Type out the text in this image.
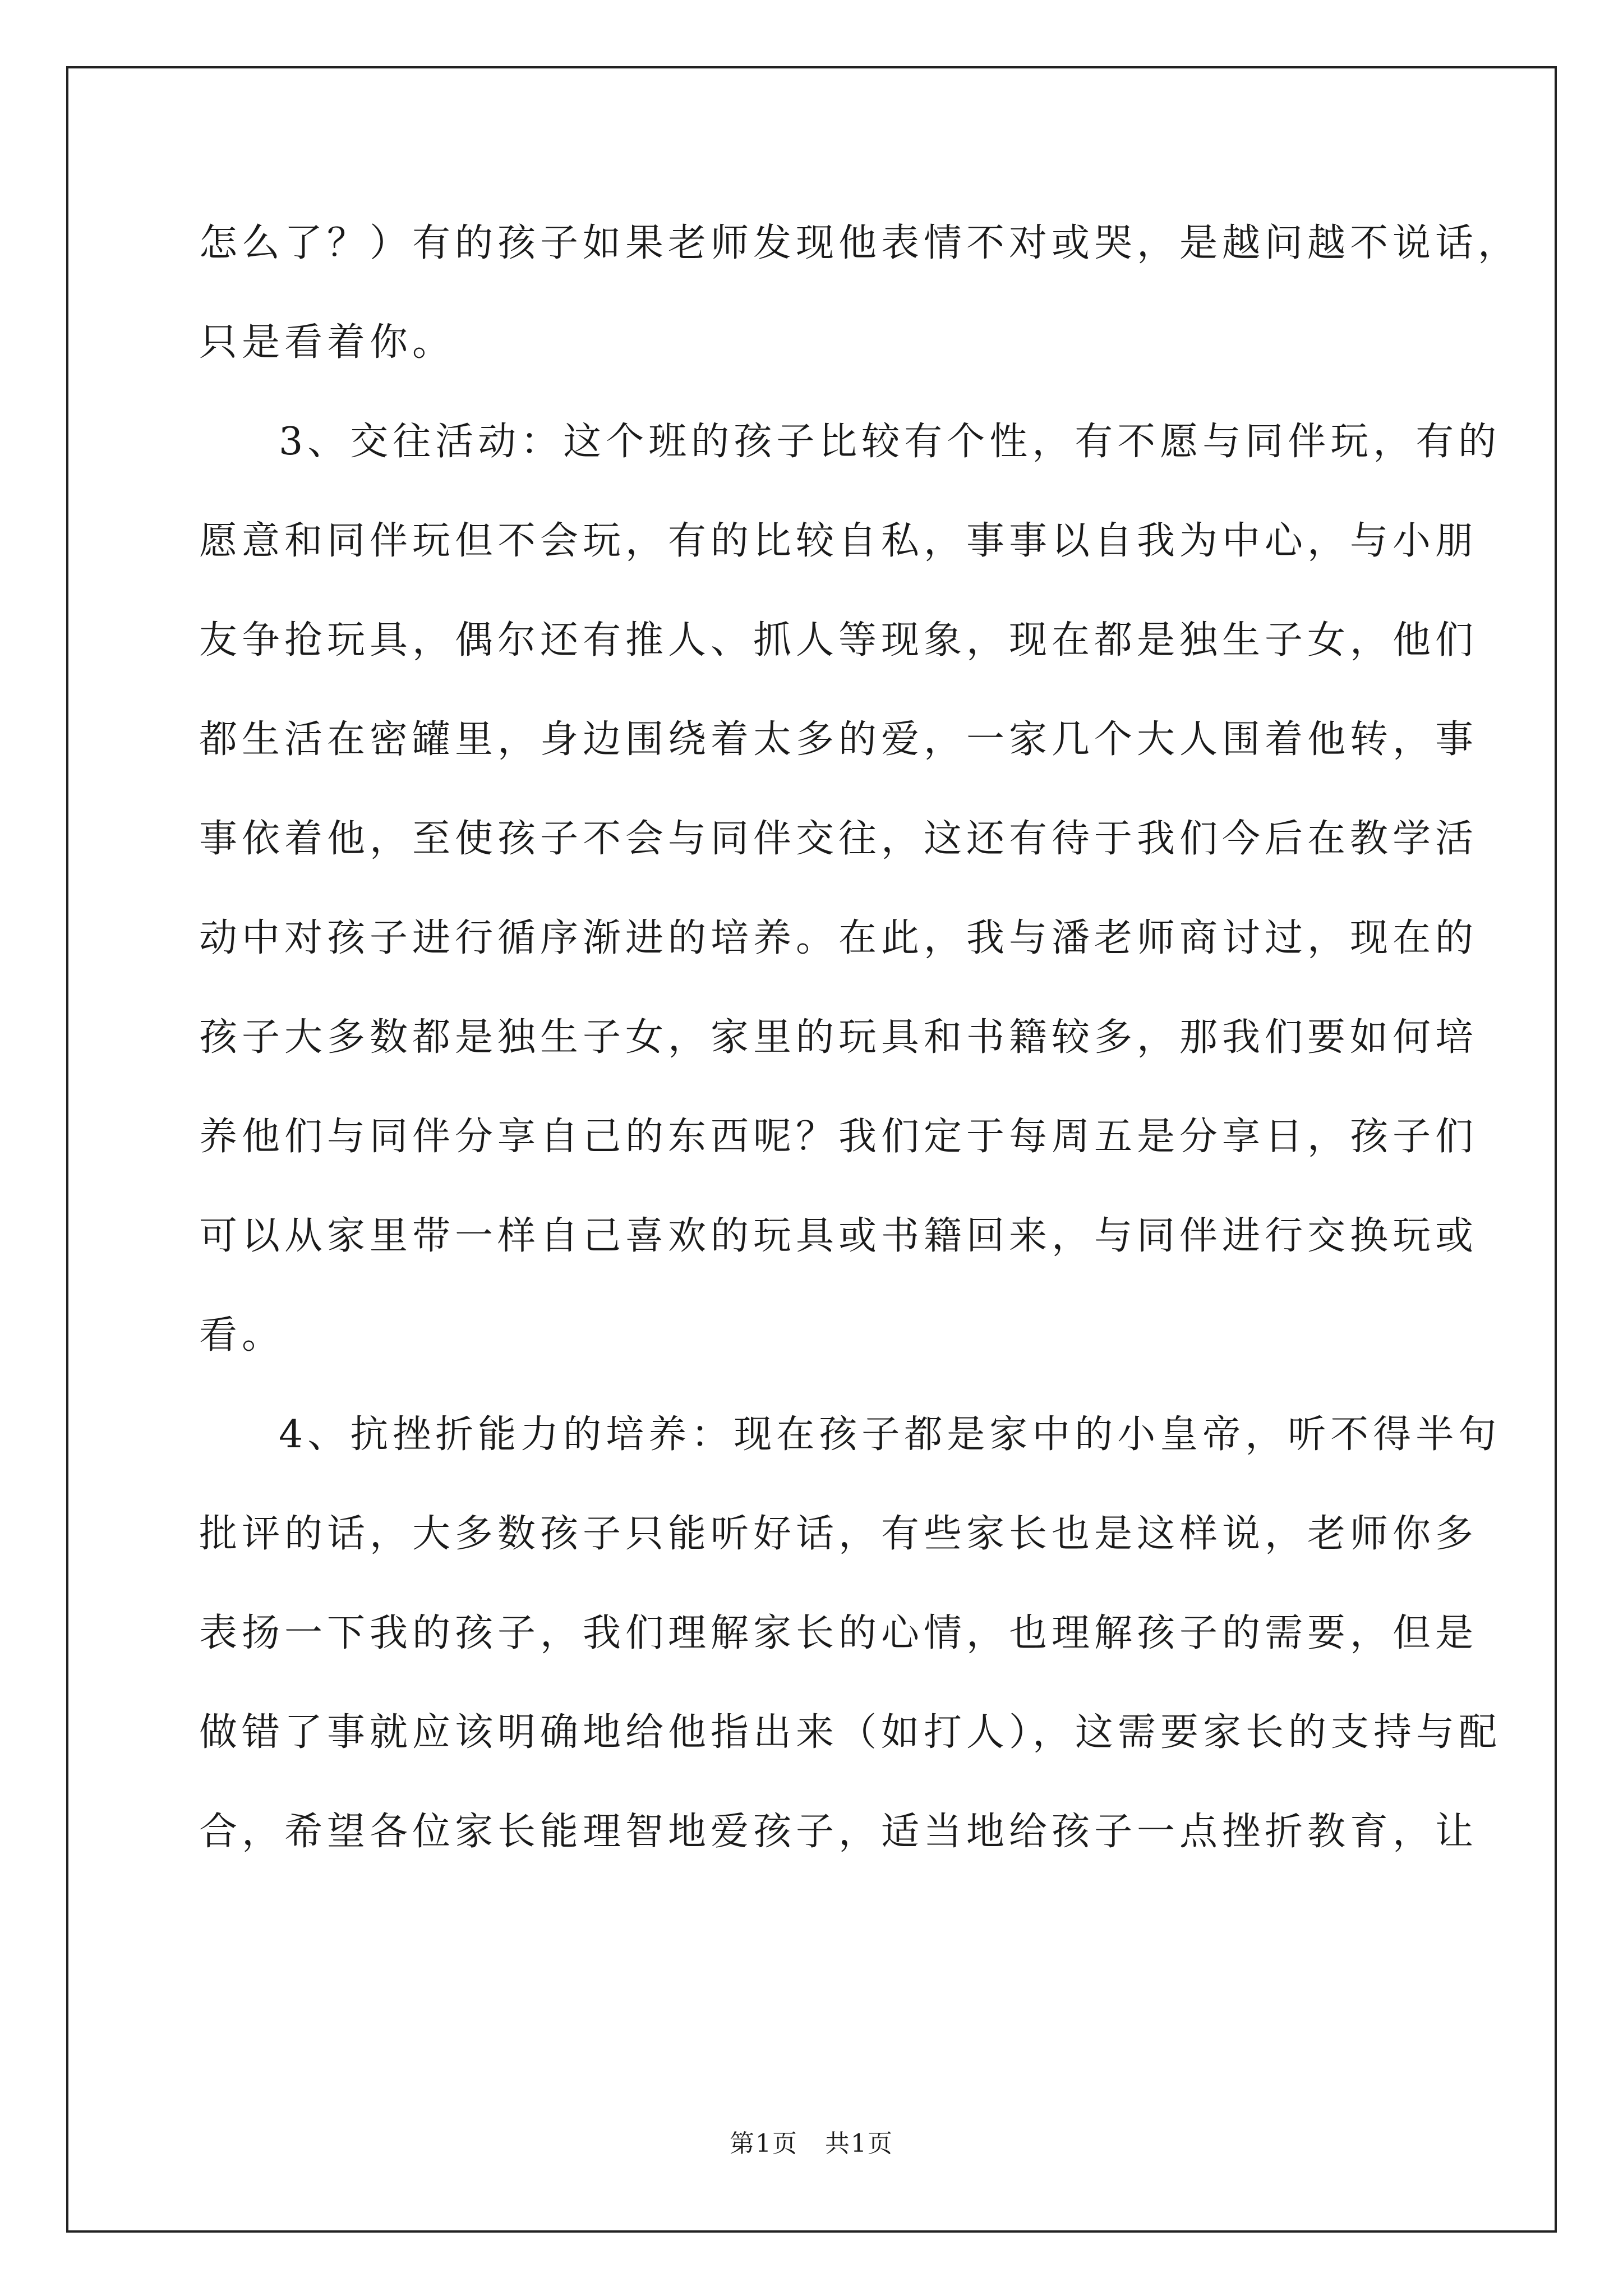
怎么了？）有的孩子如果老师发现他表情不对或哭，是越问越不说话，
只是看着你。
3、交往活动：这个班的孩子比较有个性，有不愿与同伴玩，有的
愿意和同伴玩但不会玩，有的比较自私，事事以自我为中心，与小朋
友争抢玩具，偶尔还有推人、抓人等现象，现在都是独生子女，他们
都生活在密罐里，身边围绕着太多的爱，一家几个大人围着他转，事
事依着他，至使孩子不会与同伴交往，这还有待于我们今后在教学活
动中对孩子进行循序渐进的培养。在此，我与潘老师商讨过，现在的
孩子大多数都是独生子女，家里的玩具和书籍较多，那我们要如何培
养他们与同伴分享自己的东西呢？我们定于每周五是分享日，孩子们
可以从家里带一样自己喜欢的玩具或书籍回来，与同伴进行交换玩或
看。
4、抗挫折能力的培养：现在孩子都是家中的小皇帝，听不得半句
批评的话，大多数孩子只能听好话，有些家长也是这样说，老师你多
表扬一下我的孩子，我们理解家长的心情，也理解孩子的需要，但是
做错了事就应该明确地给他指出来（如打人），这需要家长的支持与配
合，希望各位家长能理智地爱孩子，适当地给孩子一点挫折教育，让
第1页   共1页
